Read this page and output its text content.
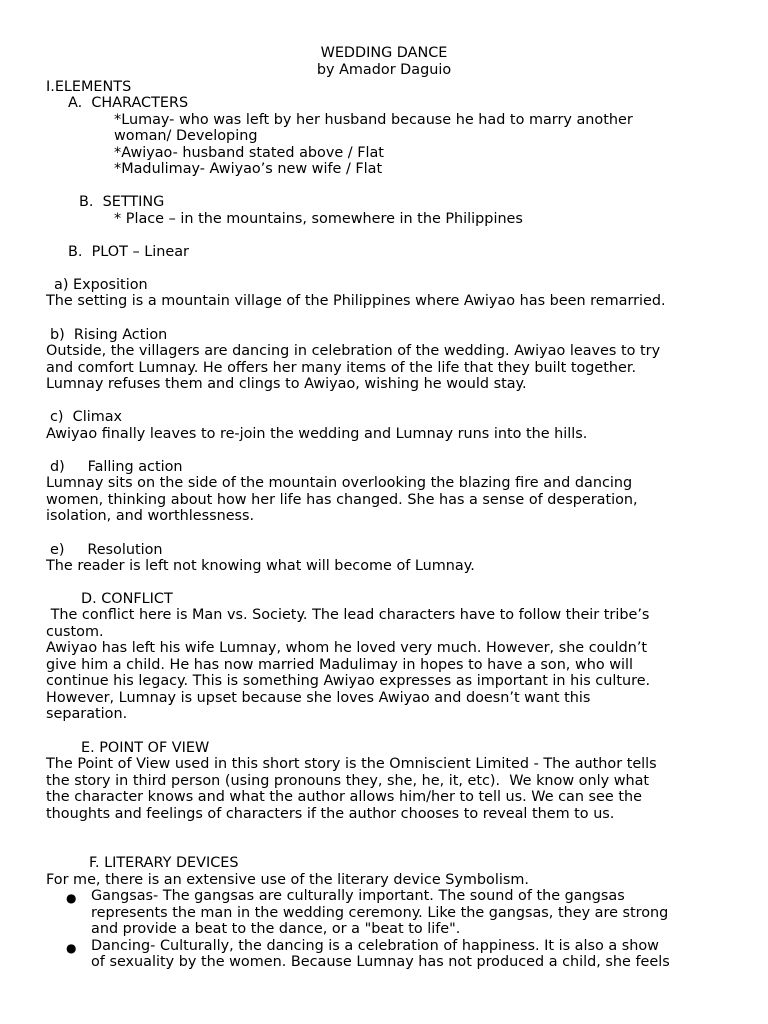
WEDDING DANCE
by Amador Daguio
I.ELEMENTS
A.  CHARACTERS
*Lumay- who was left by her husband because he had to marry another
woman/ Developing
*Awiyao- husband stated above / Flat
*Madulimay- Awiyao’s new wife / Flat
B.  SETTING
* Place – in the mountains, somewhere in the Philippines
B.  PLOT – Linear
a) Exposition
The setting is a mountain village of the Philippines where Awiyao has been remarried.
b)  Rising Action
Outside, the villagers are dancing in celebration of the wedding. Awiyao leaves to try
and comfort Lumnay. He offers her many items of the life that they built together.
Lumnay refuses them and clings to Awiyao, wishing he would stay.
c)  Climax
Awiyao finally leaves to re-join the wedding and Lumnay runs into the hills.
d)     Falling action
Lumnay sits on the side of the mountain overlooking the blazing fire and dancing
women, thinking about how her life has changed. She has a sense of desperation,
isolation, and worthlessness.
e)     Resolution
The reader is left not knowing what will become of Lumnay.
D. CONFLICT
The conflict here is Man vs. Society. The lead characters have to follow their tribe’s
custom.
Awiyao has left his wife Lumnay, whom he loved very much. However, she couldn’t
give him a child. He has now married Madulimay in hopes to have a son, who will
continue his legacy. This is something Awiyao expresses as important in his culture.
However, Lumnay is upset because she loves Awiyao and doesn’t want this
separation.
E. POINT OF VIEW
The Point of View used in this short story is the Omniscient Limited - The author tells
the story in third person (using pronouns they, she, he, it, etc).  We know only what
the character knows and what the author allows him/her to tell us. We can see the
thoughts and feelings of characters if the author chooses to reveal them to us.
F. LITERARY DEVICES
For me, there is an extensive use of the literary device Symbolism.
● Gangsas- The gangsas are culturally important. The sound of the gangsas
represents the man in the wedding ceremony. Like the gangsas, they are strong
and provide a beat to the dance, or a "beat to life".
● Dancing- Culturally, the dancing is a celebration of happiness. It is also a show
of sexuality by the women. Because Lumnay has not produced a child, she feels
